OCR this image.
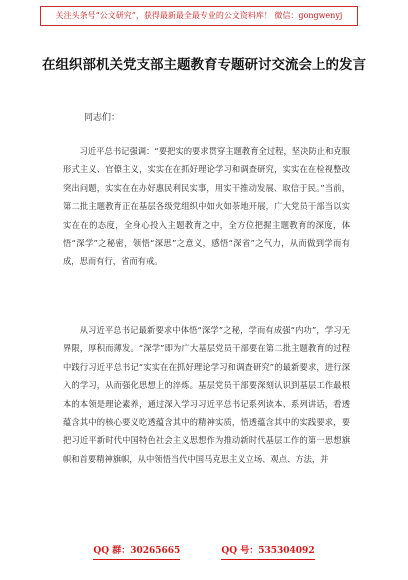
关注头条号“公文研究”，获得最新最全最专业的公文资料库！ 微信：gongwenyj
在组织部机关党支部主题教育专题研讨交流会上的发言

同志们：

习近平总书记强调：“要把实的要求贯穿主题教育全过程，坚决防止和克服形式主义、官僚主义，实实在在抓好理论学习和调查研究，实实在在检视整改突出问题，实实在在办好惠民利民实事，用实干推动发展、取信于民。”当前，第二批主题教育正在基层各级党组织中如火如荼地开展，广大党员干部当以实实在在的态度，全身心投入主题教育之中，全方位把握主题教育的深度，体悟“深学”之秘密，领悟“深思”之意义，感悟“深省”之气力，从而做到学而有成，思而有行，省而有戒。

从习近平总书记最新要求中体悟“深学”之秘，学而有成强“内功”，学习无界限，厚积而薄发。“深学”即为广大基层党员干部要在第二批主题教育的过程中践行习近平总书记“实实在在抓好理论学习和调查研究”的最新要求，进行深入的学习，从而强化思想上的淬炼。基层党员干部要深刻认识到基层工作最根本的本领是理论素养，通过深入学习习近平总书记系列读本、系列讲话，看透蕴含其中的核心要义吃透蕴含其中的精神实质，悟透蕴含其中的实践要求，要把习近平新时代中国特色社会主义思想作为推动新时代基层工作的第一思想旗帜和首要精神旗帜，从中领悟当代中国马克思主义立场、观点、方法，并

QQ 群：30265665	QQ 号：535304092
